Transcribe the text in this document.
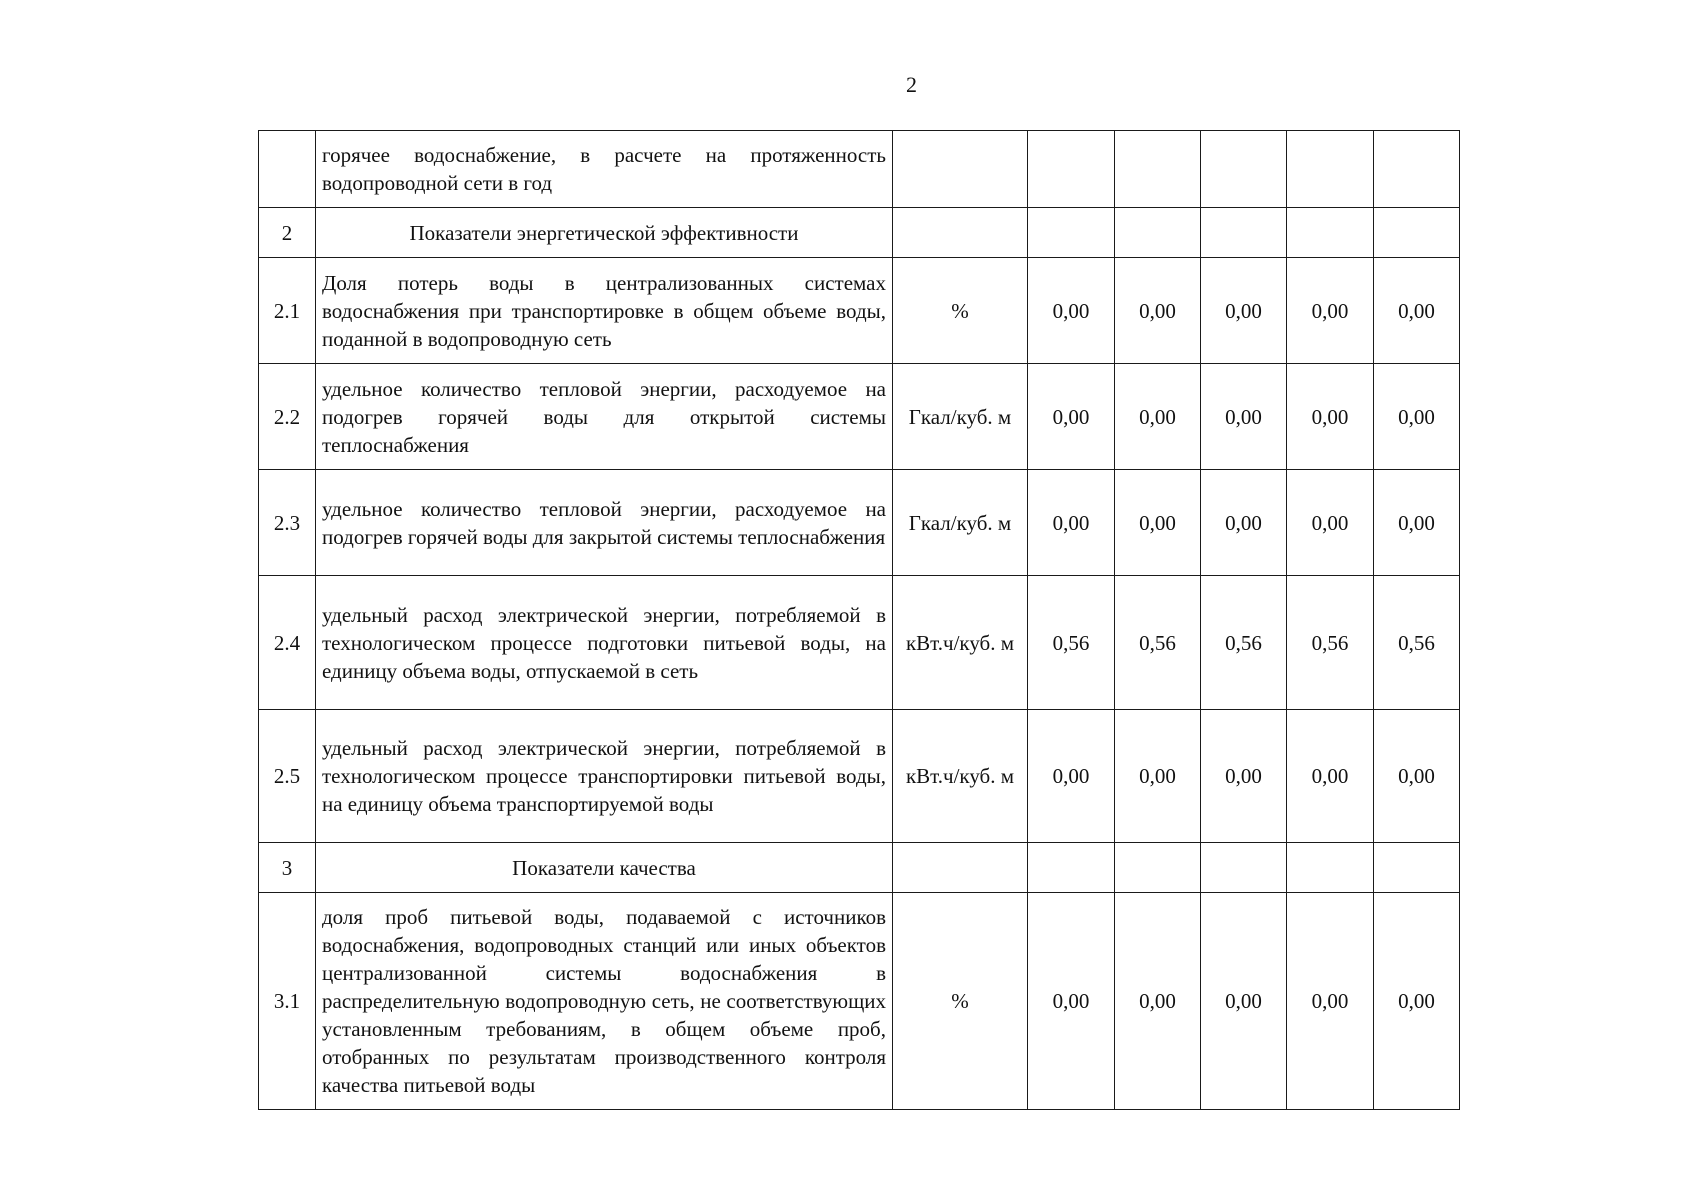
2
	горячее водоснабжение, в расчете на протяженность водопроводной сети в год						
2	Показатели энергетической эффективности						
2.1	Доля потерь воды в централизованных системах водоснабжения при транспортировке в общем объеме воды, поданной в водопроводную сеть	%	0,00	0,00	0,00	0,00	0,00
2.2	удельное количество тепловой энергии, расходуемое на подогрев горячей воды для открытой системы теплоснабжения	Гкал/куб. м	0,00	0,00	0,00	0,00	0,00
2.3	удельное количество тепловой энергии, расходуемое на подогрев горячей воды для закрытой системы теплоснабжения	Гкал/куб. м	0,00	0,00	0,00	0,00	0,00
2.4	удельный расход электрической энергии, потребляемой в технологическом процессе подготовки питьевой воды, на единицу объема воды, отпускаемой в сеть	кВт.ч/куб. м	0,56	0,56	0,56	0,56	0,56
2.5	удельный расход электрической энергии, потребляемой в технологическом процессе транспортировки питьевой воды, на единицу объема транспортируемой воды	кВт.ч/куб. м	0,00	0,00	0,00	0,00	0,00
3	Показатели качества						
3.1	доля проб питьевой воды, подаваемой с источников водоснабжения, водопроводных станций или иных объектов централизованной системы водоснабжения в распределительную водопроводную сеть, не соответствующих установленным требованиям, в общем объеме проб, отобранных по результатам производственного контроля качества питьевой воды	%	0,00	0,00	0,00	0,00	0,00
